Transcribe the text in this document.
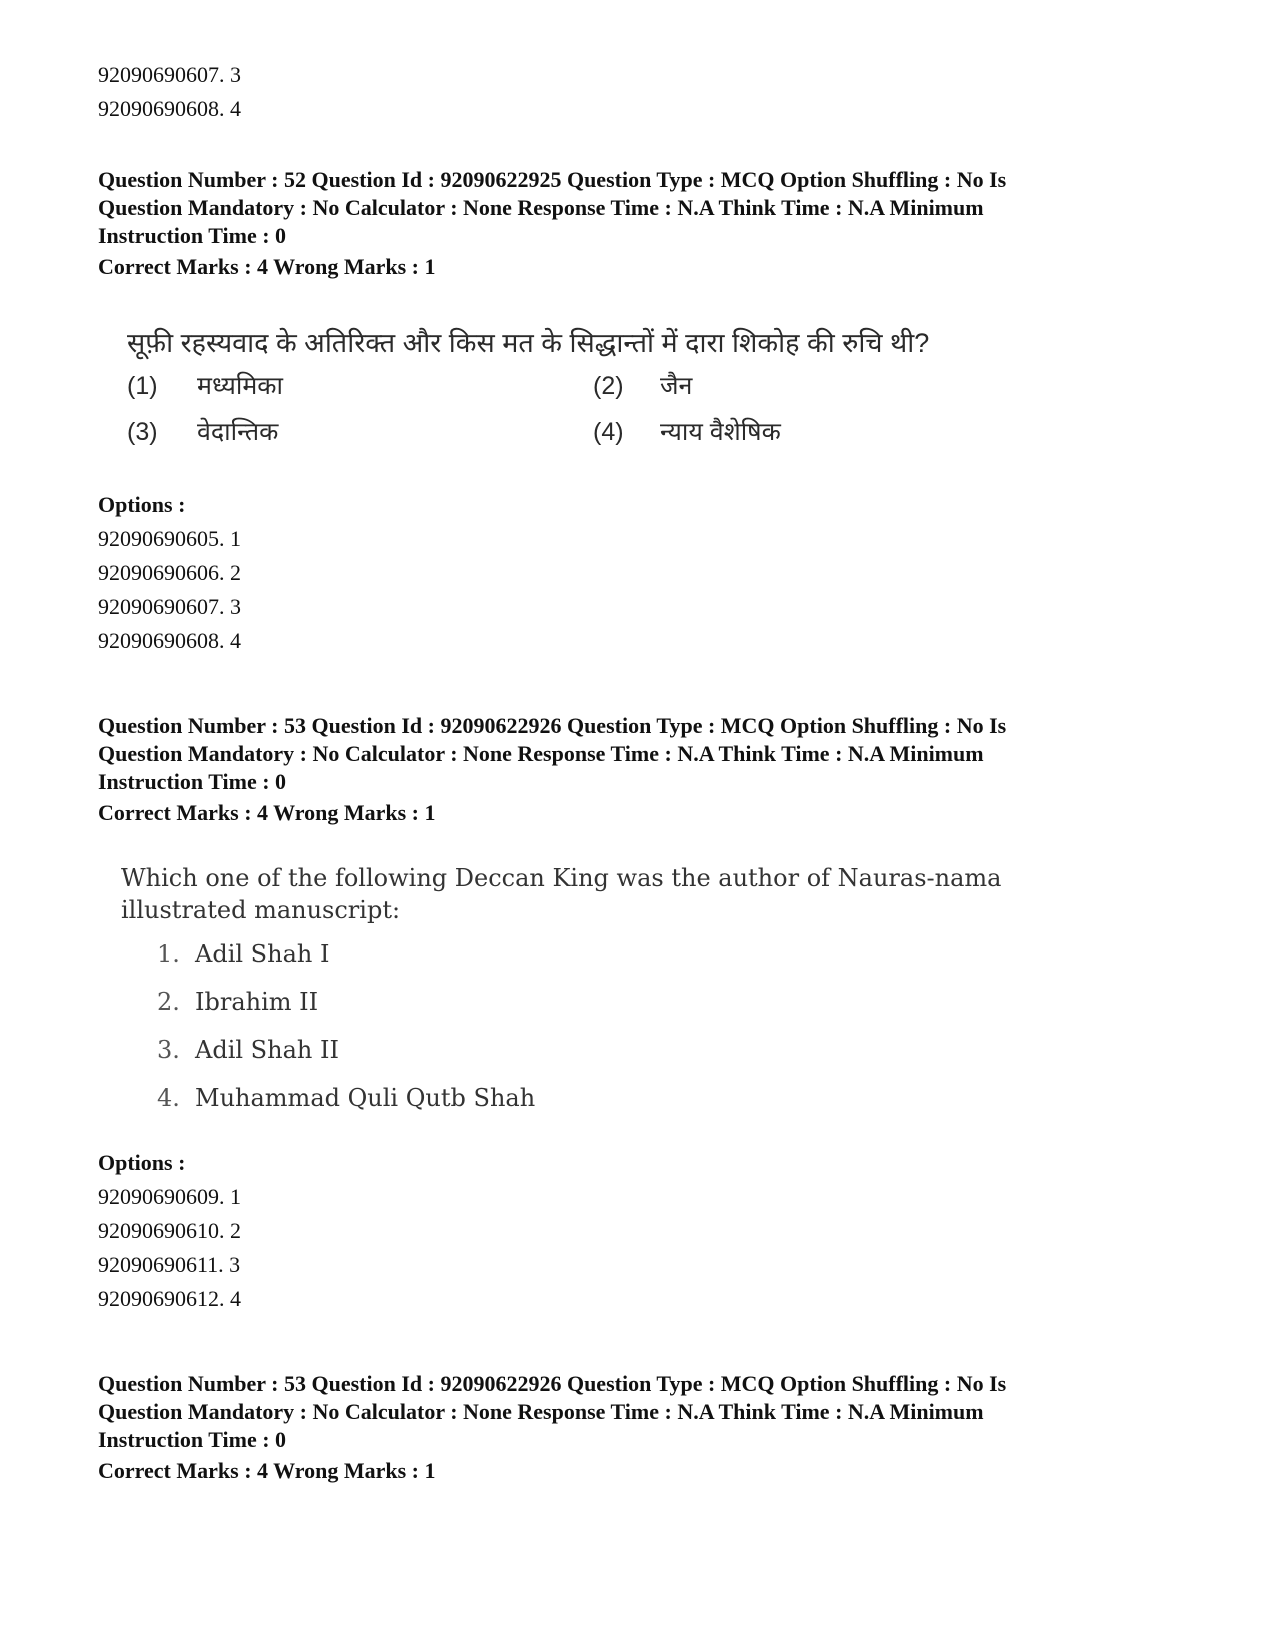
92090690607. 3
92090690608. 4
Question Number : 52 Question Id : 92090622925 Question Type : MCQ Option Shuffling : No Is
Question Mandatory : No Calculator : None Response Time : N.A Think Time : N.A Minimum
Instruction Time : 0
Correct Marks : 4 Wrong Marks : 1
सूफ़ी रहस्यवाद के अतिरिक्त और किस मत के सिद्धान्तों में दारा शिकोह की रुचि थी?
(1) मध्यमिका	(2) जैन
(3) वेदान्तिक	(4) न्याय वैशेषिक
Options :
92090690605. 1
92090690606. 2
92090690607. 3
92090690608. 4
Question Number : 53 Question Id : 92090622926 Question Type : MCQ Option Shuffling : No Is
Question Mandatory : No Calculator : None Response Time : N.A Think Time : N.A Minimum
Instruction Time : 0
Correct Marks : 4 Wrong Marks : 1
Which one of the following Deccan King was the author of Nauras-nama
illustrated manuscript:
1. Adil Shah I
2. Ibrahim II
3. Adil Shah II
4. Muhammad Quli Qutb Shah
Options :
92090690609. 1
92090690610. 2
92090690611. 3
92090690612. 4
Question Number : 53 Question Id : 92090622926 Question Type : MCQ Option Shuffling : No Is
Question Mandatory : No Calculator : None Response Time : N.A Think Time : N.A Minimum
Instruction Time : 0
Correct Marks : 4 Wrong Marks : 1
